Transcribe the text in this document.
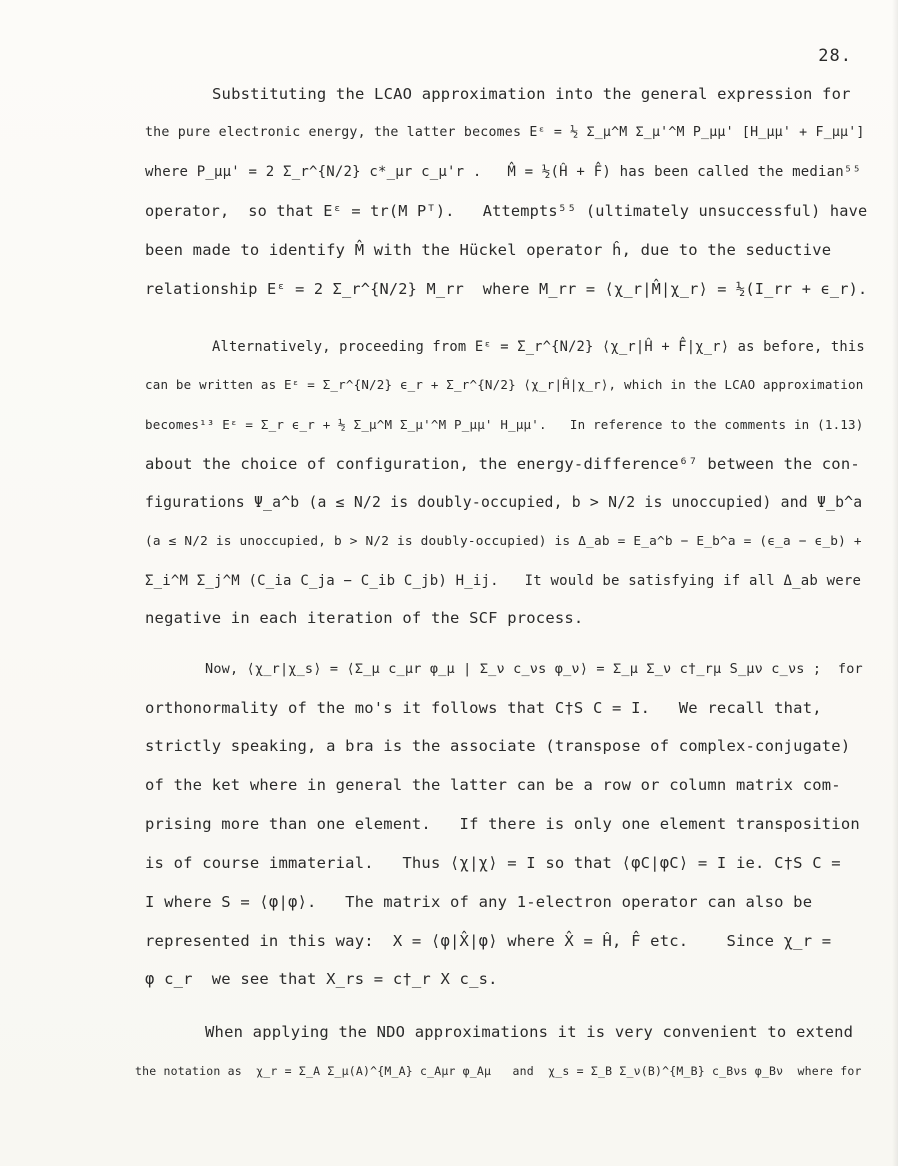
28.
Substituting the LCAO approximation into the general expression for
the pure electronic energy, the latter becomes Eᵋ = ½ Σ_μ^M Σ_μ'^M P_μμ' [H_μμ' + F_μμ']
where P_μμ' = 2 Σ_r^{N/2} c*_μr c_μ'r .   M̂ = ½(Ĥ + F̂) has been called the median⁵⁵
operator,  so that Eᵋ = tr(M Pᵀ).   Attempts⁵⁵ (ultimately unsuccessful) have
been made to identify M̂ with the Hückel operator ĥ, due to the seductive
relationship Eᵋ = 2 Σ_r^{N/2} M_rr  where M_rr = ⟨χ_r|M̂|χ_r⟩ = ½(I_rr + ϵ_r).
Alternatively, proceeding from Eᵋ = Σ_r^{N/2} ⟨χ_r|Ĥ + F̂|χ_r⟩ as before, this
can be written as Eᵋ = Σ_r^{N/2} ϵ_r + Σ_r^{N/2} ⟨χ_r|Ĥ|χ_r⟩, which in the LCAO approximation
becomes¹³ Eᵋ = Σ_r ϵ_r + ½ Σ_μ^M Σ_μ'^M P_μμ' H_μμ'.   In reference to the comments in (1.13)
about the choice of configuration, the energy-difference⁶⁷ between the con-
figurations Ψ_a^b (a ≤ N/2 is doubly-occupied, b > N/2 is unoccupied) and Ψ_b^a
(a ≤ N/2 is unoccupied, b > N/2 is doubly-occupied) is Δ_ab = E_a^b − E_b^a = (ϵ_a − ϵ_b) +
Σ_i^M Σ_j^M (C_ia C_ja − C_ib C_jb) H_ij.   It would be satisfying if all Δ_ab were
negative in each iteration of the SCF process.
Now, ⟨χ_r|χ_s⟩ = ⟨Σ_μ c_μr φ_μ | Σ_ν c_νs φ_ν⟩ = Σ_μ Σ_ν c†_rμ S_μν c_νs ;  for
orthonormality of the mo's it follows that C†S C = I.   We recall that,
strictly speaking, a bra is the associate (transpose of complex-conjugate)
of the ket where in general the latter can be a row or column matrix com-
prising more than one element.   If there is only one element transposition
is of course immaterial.   Thus ⟨χ|χ⟩ = I so that ⟨φC|φC⟩ = I ie. C†S C =
I where S = ⟨φ|φ⟩.   The matrix of any 1-electron operator can also be
represented in this way:  X = ⟨φ|X̂|φ⟩ where X̂ = Ĥ, F̂ etc.    Since χ_r =
φ c_r  we see that X_rs = c†_r X c_s.
When applying the NDO approximations it is very convenient to extend
the notation as  χ_r = Σ_A Σ_μ(A)^{M_A} c_Aμr φ_Aμ   and  χ_s = Σ_B Σ_ν(B)^{M_B} c_Bνs φ_Bν  where for
